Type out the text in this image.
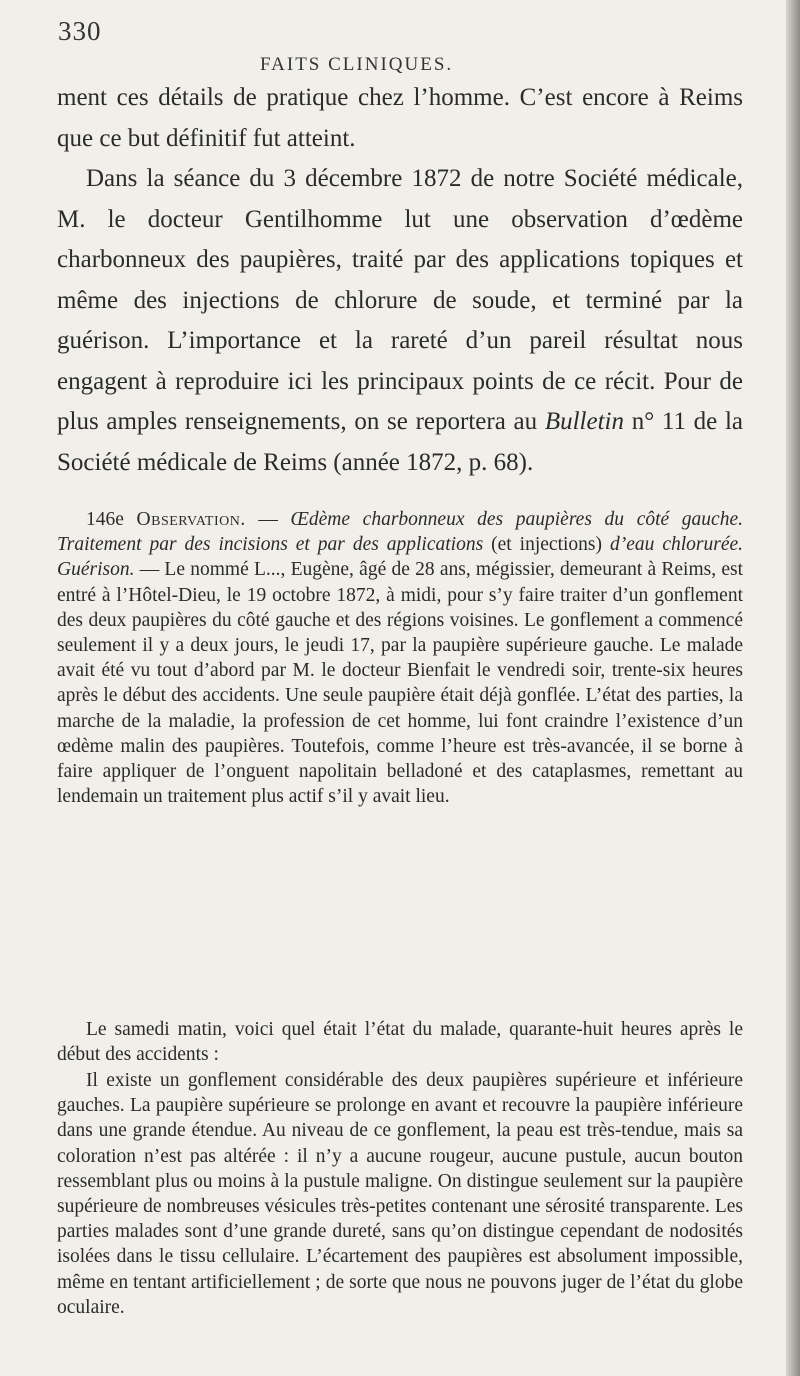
330
FAITS CLINIQUES.

ment ces détails de pratique chez l’homme. C’est encore à Reims que ce but définitif fut atteint.

Dans la séance du 3 décembre 1872 de notre Société médicale, M. le docteur Gentilhomme lut une observation d’œdème charbonneux des paupières, traité par des applications topiques et même des injections de chlorure de soude, et terminé par la guérison. L’importance et la rareté d’un pareil résultat nous engagent à reproduire ici les principaux points de ce récit. Pour de plus amples renseignements, on se reportera au Bulletin n° 11 de la Société médicale de Reims (année 1872, p. 68).

146e Observation. — Œdème charbonneux des paupières du côté gauche. Traitement par des incisions et par des applications (et injections) d’eau chlorurée. Guérison. — Le nommé L..., Eugène, âgé de 28 ans, mégissier, demeurant à Reims, est entré à l’Hôtel-Dieu, le 19 octobre 1872, à midi, pour s’y faire traiter d’un gonflement des deux paupières du côté gauche et des régions voisines. Le gonflement a commencé seulement il y a deux jours, le jeudi 17, par la paupière supérieure gauche. Le malade avait été vu tout d’abord par M. le docteur Bienfait le vendredi soir, trente-six heures après le début des accidents. Une seule paupière était déjà gonflée. L’état des parties, la marche de la maladie, la profession de cet homme, lui font craindre l’existence d’un œdème malin des paupières. Toutefois, comme l’heure est très-avancée, il se borne à faire appliquer de l’onguent napolitain belladoné et des cataplasmes, remettant au lendemain un traitement plus actif s’il y avait lieu.

Le samedi matin, voici quel était l’état du malade, quarante-huit heures après le début des accidents :

Il existe un gonflement considérable des deux paupières supérieure et inférieure gauches. La paupière supérieure se prolonge en avant et recouvre la paupière inférieure dans une grande étendue. Au niveau de ce gonflement, la peau est très-tendue, mais sa coloration n’est pas altérée : il n’y a aucune rougeur, aucune pustule, aucun bouton ressemblant plus ou moins à la pustule maligne. On distingue seulement sur la paupière supérieure de nombreuses vésicules très-petites contenant une sérosité transparente. Les parties malades sont d’une grande dureté, sans qu’on distingue cependant de nodosités isolées dans le tissu cellulaire. L’écartement des paupières est absolument impossible, même en tentant artificiellement ; de sorte que nous ne pouvons juger de l’état du globe oculaire.
